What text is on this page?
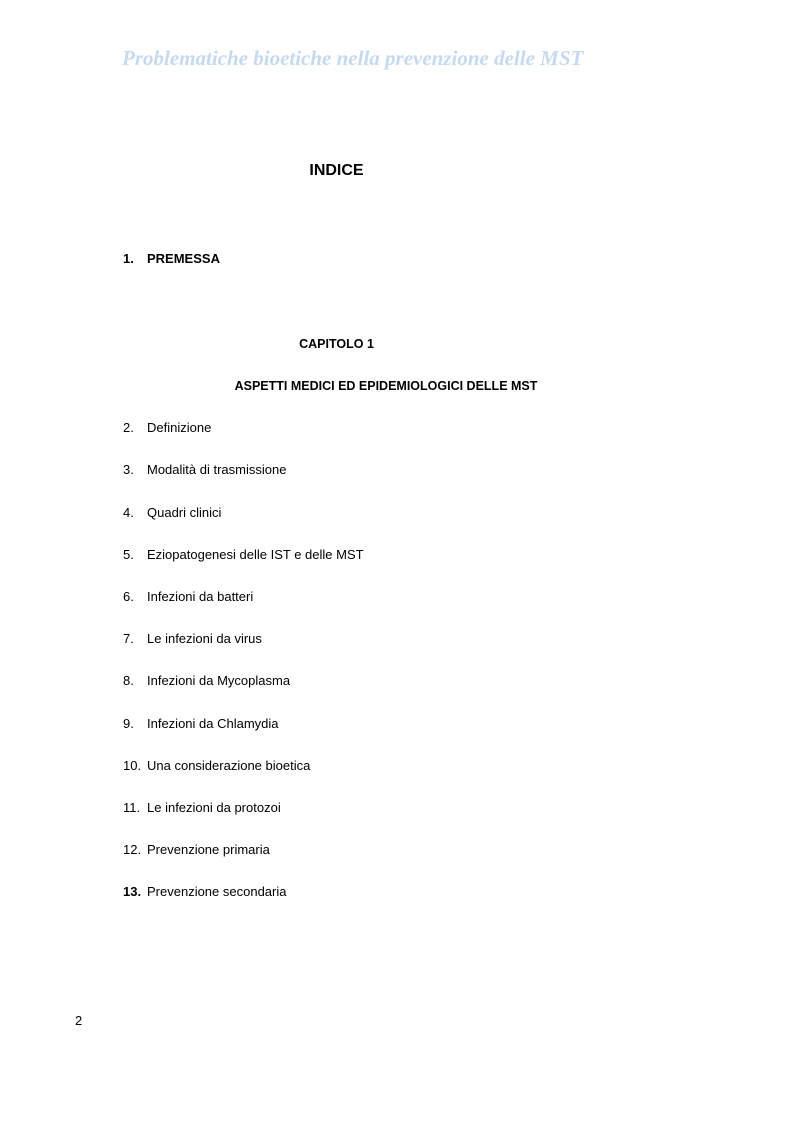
Problematiche bioetiche nella prevenzione delle MST
INDICE
1. PREMESSA
CAPITOLO 1
ASPETTI MEDICI ED EPIDEMIOLOGICI DELLE MST
2. Definizione
3. Modalità di trasmissione
4. Quadri clinici
5. Eziopatogenesi delle IST e delle MST
6. Infezioni da batteri
7. Le infezioni da virus
8. Infezioni da Mycoplasma
9. Infezioni da Chlamydia
10. Una considerazione bioetica
11. Le infezioni da protozoi
12. Prevenzione primaria
13. Prevenzione secondaria
2
